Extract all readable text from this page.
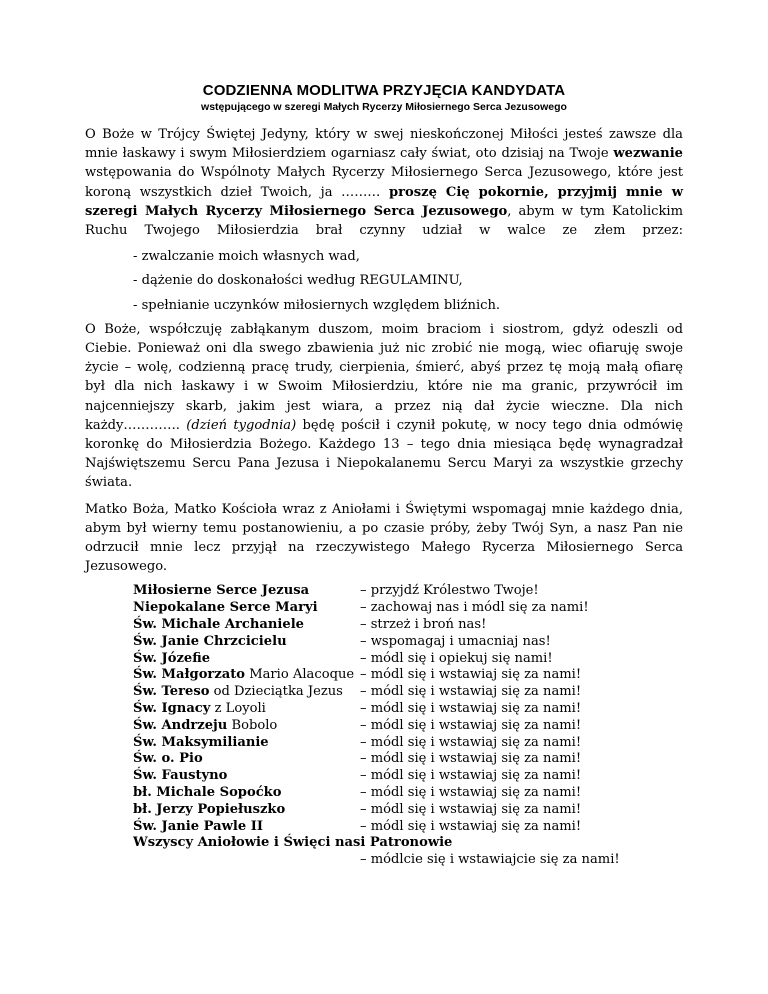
CODZIENNA MODLITWA PRZYJĘCIA KANDYDATA
wstępującego w szeregi Małych Rycerzy Miłosiernego Serca Jezusowego

O Boże w Trójcy Świętej Jedyny, który w swej nieskończonej Miłości jesteś zawsze dla mnie łaskawy i swym Miłosierdziem ogarniasz cały świat, oto dzisiaj na Twoje wezwanie wstępowania do Wspólnoty Małych Rycerzy Miłosiernego Serca Jezusowego, które jest koroną wszystkich dzieł Twoich, ja ……… proszę Cię pokornie, przyjmij mnie w szeregi Małych Rycerzy Miłosiernego Serca Jezusowego, abym w tym Katolickim Ruchu Twojego Miłosierdzia brał czynny udział w walce ze złem przez:

- zwalczanie moich własnych wad,

- dążenie do doskonałości według REGULAMINU,

- spełnianie uczynków miłosiernych względem bliźnich.

O Boże, współczuję zabłąkanym duszom, moim braciom i siostrom, gdyż odeszli od Ciebie. Ponieważ oni dla swego zbawienia już nic zrobić nie mogą, wiec ofiaruję swoje życie – wolę, codzienną pracę trudy, cierpienia, śmierć, abyś przez tę moją małą ofiarę był dla nich łaskawy i w Swoim Miłosierdziu, które nie ma granic, przywrócił im najcenniejszy skarb, jakim jest wiara, a przez nią dał życie wieczne. Dla nich każdy…………. (dzień tygodnia) będę pościł i czynił pokutę, w nocy tego dnia odmówię koronkę do Miłosierdzia Bożego. Każdego 13 – tego dnia miesiąca będę wynagradzał Najświętszemu Sercu Pana Jezusa i Niepokalanemu Sercu Maryi za wszystkie grzechy świata.

Matko Boża, Matko Kościoła wraz z Aniołami i Świętymi wspomagaj mnie każdego dnia, abym był wierny temu postanowieniu, a po czasie próby, żeby Twój Syn, a nasz Pan nie odrzucił mnie lecz przyjął na rzeczywistego Małego Rycerza Miłosiernego Serca Jezusowego.

Miłosierne Serce Jezusa	– przyjdź Królestwo Twoje!
Niepokalane Serce Maryi	– zachowaj nas i módl się za nami!
Św. Michale Archaniele	– strzeż i broń nas!
Św. Janie Chrzcicielu	– wspomagaj i umacniaj nas!
Św. Józefie	– módl się i opiekuj się nami!
Św. Małgorzato Mario Alacoque – módl się i wstawiaj się za nami!
Św. Tereso od Dzieciątka Jezus	– módl się i wstawiaj się za nami!
Św. Ignacy z Loyoli	– módl się i wstawiaj się za nami!
Św. Andrzeju Bobolo	– módl się i wstawiaj się za nami!
Św. Maksymilianie	– módl się i wstawiaj się za nami!
Św. o. Pio	– módl się i wstawiaj się za nami!
Św. Faustyno	– módl się i wstawiaj się za nami!
bł. Michale Sopoćko	– módl się i wstawiaj się za nami!
bł. Jerzy Popiełuszko	– módl się i wstawiaj się za nami!
Św. Janie Pawle II	– módl się i wstawiaj się za nami!
Wszyscy Aniołowie i Święci nasi Patronowie
– módlcie się i wstawiajcie się za nami!
